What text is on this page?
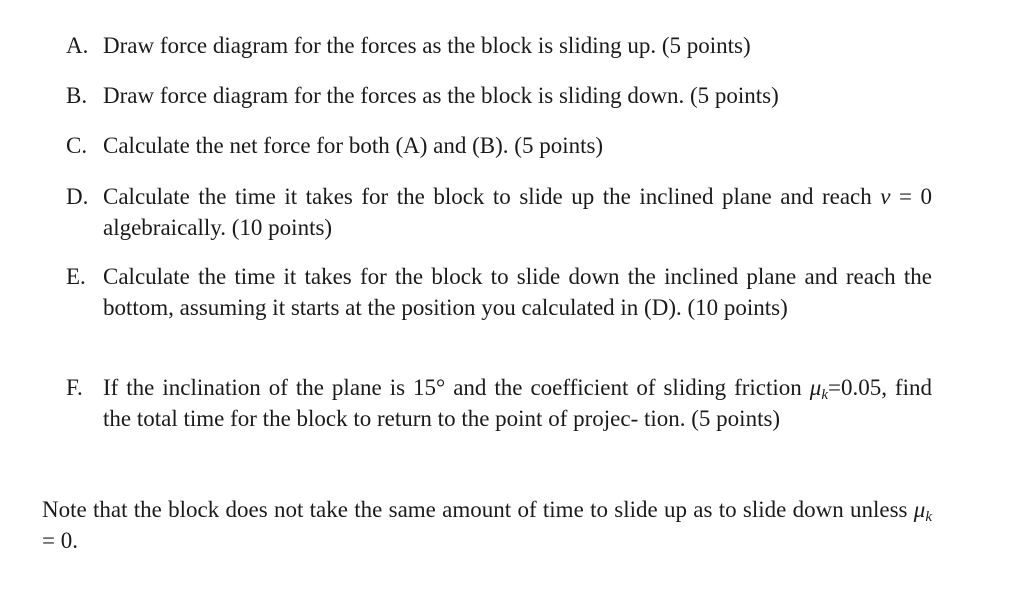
A. Draw force diagram for the forces as the block is sliding up. (5 points)
B. Draw force diagram for the forces as the block is sliding down. (5 points)
C. Calculate the net force for both (A) and (B). (5 points)
D. Calculate the time it takes for the block to slide up the inclined plane and reach v = 0 algebraically. (10 points)
E. Calculate the time it takes for the block to slide down the inclined plane and reach the bottom, assuming it starts at the position you calculated in (D). (10 points)
F. If the inclination of the plane is 15° and the coefficient of sliding friction $\mu_k=0.05$, find the total time for the block to return to the point of projec- tion. (5 points)
Note that the block does not take the same amount of time to slide up as to slide down unless $\mu_k = 0$.
